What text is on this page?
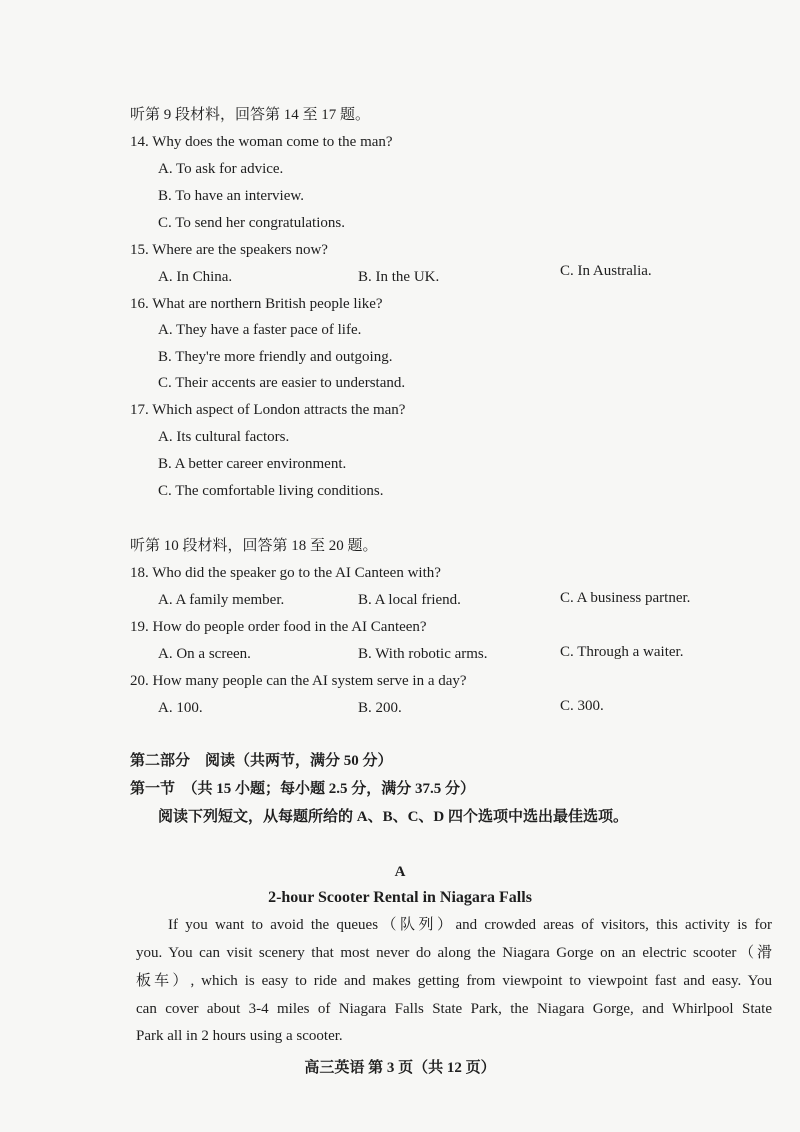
听第 9 段材料，回答第 14 至 17 题。
14. Why does the woman come to the man?
A. To ask for advice.
B. To have an interview.
C. To send her congratulations.
15. Where are the speakers now?
A. In China.	B. In the UK.	C. In Australia.
16. What are northern British people like?
A. They have a faster pace of life.
B. They're more friendly and outgoing.
C. Their accents are easier to understand.
17. Which aspect of London attracts the man?
A. Its cultural factors.
B. A better career environment.
C. The comfortable living conditions.
听第 10 段材料，回答第 18 至 20 题。
18. Who did the speaker go to the AI Canteen with?
A. A family member.	B. A local friend.	C. A business partner.
19. How do people order food in the AI Canteen?
A. On a screen.	B. With robotic arms.	C. Through a waiter.
20. How many people can the AI system serve in a day?
A. 100.	B. 200.	C. 300.
第二部分　阅读（共两节，满分 50 分）
第一节　（共 15 小题；每小题 2.5 分，满分 37.5 分）
阅读下列短文，从每题所给的 A、B、C、D 四个选项中选出最佳选项。
A
2-hour Scooter Rental in Niagara Falls
If you want to avoid the queues（队列）and crowded areas of visitors, this activity is for
you. You can visit scenery that most never do along the Niagara Gorge on an electric scooter（滑
板车）, which is easy to ride and makes getting from viewpoint to viewpoint fast and easy. You
can cover about 3-4 miles of Niagara Falls State Park, the Niagara Gorge, and Whirlpool State
Park all in 2 hours using a scooter.
高三英语 第 3 页（共 12 页）
